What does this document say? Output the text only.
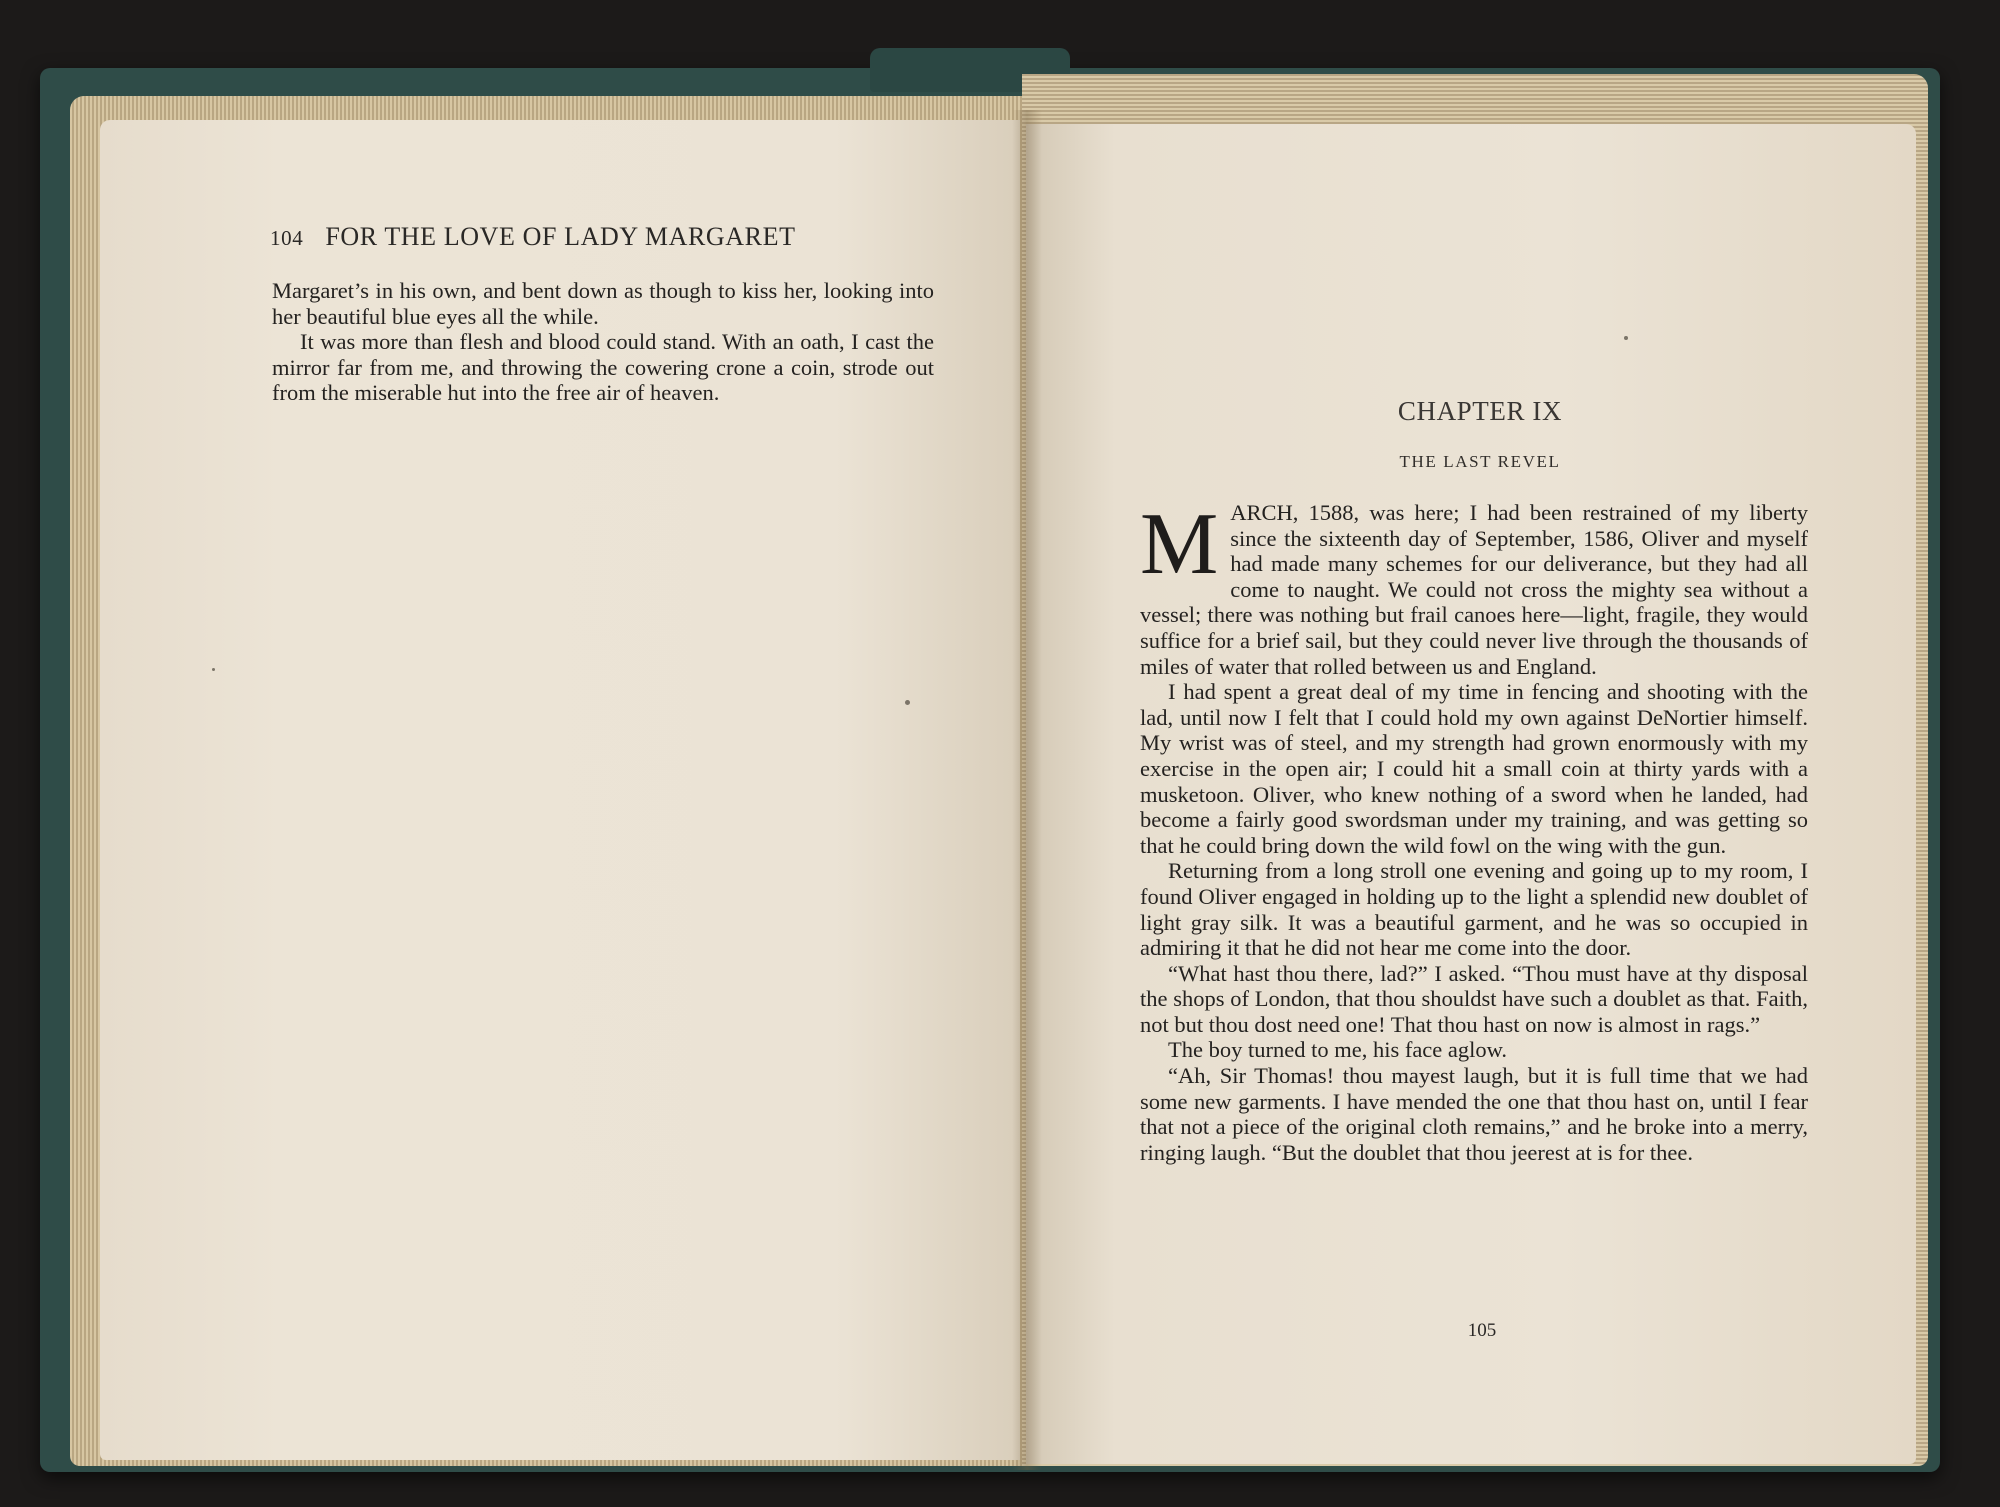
104 FOR THE LOVE OF LADY MARGARET

Margaret’s in his own, and bent down as though to kiss her, looking into her beautiful blue eyes all the while.

It was more than flesh and blood could stand. With an oath, I cast the mirror far from me, and throwing the cowering crone a coin, strode out from the miserable hut into the free air of heaven.

CHAPTER IX
THE LAST REVEL

MARCH, 1588, was here; I had been restrained of my liberty since the sixteenth day of September, 1586, Oliver and myself had made many schemes for our deliverance, but they had all come to naught. We could not cross the mighty sea without a vessel; there was nothing but frail canoes here—light, fragile, they would suffice for a brief sail, but they could never live through the thousands of miles of water that rolled between us and England.

I had spent a great deal of my time in fencing and shooting with the lad, until now I felt that I could hold my own against DeNortier himself. My wrist was of steel, and my strength had grown enormously with my exercise in the open air; I could hit a small coin at thirty yards with a musketoon. Oliver, who knew nothing of a sword when he landed, had become a fairly good swordsman under my training, and was getting so that he could bring down the wild fowl on the wing with the gun.

Returning from a long stroll one evening and going up to my room, I found Oliver engaged in holding up to the light a splendid new doublet of light gray silk. It was a beautiful garment, and he was so occupied in admiring it that he did not hear me come into the door.

“What hast thou there, lad?” I asked. “Thou must have at thy disposal the shops of London, that thou shouldst have such a doublet as that. Faith, not but thou dost need one! That thou hast on now is almost in rags.”

The boy turned to me, his face aglow.

“Ah, Sir Thomas! thou mayest laugh, but it is full time that we had some new garments. I have mended the one that thou hast on, until I fear that not a piece of the original cloth remains,” and he broke into a merry, ringing laugh. “But the doublet that thou jeerest at is for thee.

105
